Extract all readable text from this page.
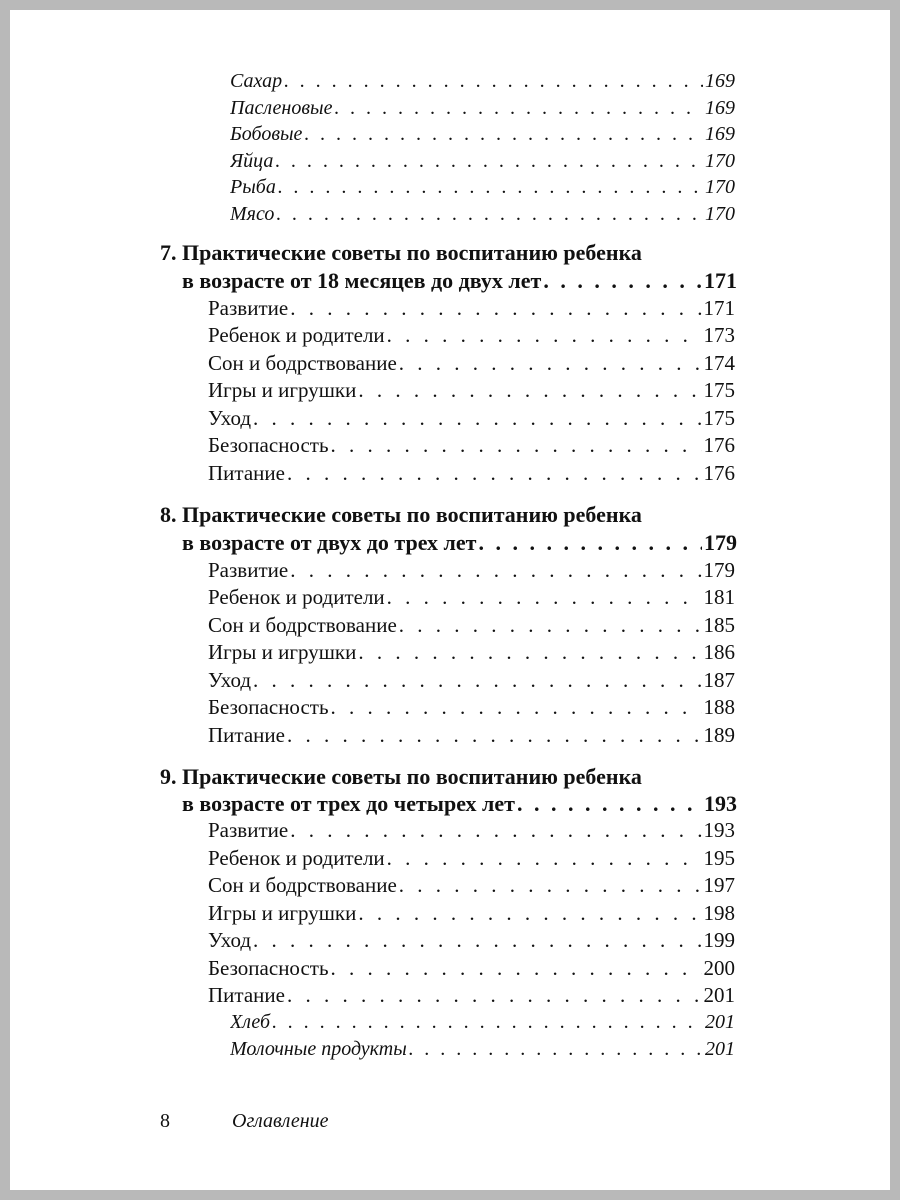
Сахар . . .	169
Пасленовые . . .	169
Бобовые . . .	169
Яйца . . .	170
Рыба . . .	170
Мясо . . .	170
7. Практические советы по воспитанию ребенка
в возрасте от 18 месяцев до двух лет . . .	171
Развитие . . .	171
Ребенок и родители . . .	173
Сон и бодрствование . . .	174
Игры и игрушки . . .	175
Уход . . .	175
Безопасность . . .	176
Питание . . .	176
8. Практические советы по воспитанию ребенка
в возрасте от двух до трех лет . . .	179
Развитие . . .	179
Ребенок и родители . . .	181
Сон и бодрствование . . .	185
Игры и игрушки . . .	186
Уход . . .	187
Безопасность . . .	188
Питание . . .	189
9. Практические советы по воспитанию ребенка
в возрасте от трех до четырех лет . . .	193
Развитие . . .	193
Ребенок и родители . . .	195
Сон и бодрствование . . .	197
Игры и игрушки . . .	198
Уход . . .	199
Безопасность . . .	200
Питание . . .	201
Хлеб . . .	201
Молочные продукты . . .	201
8	Оглавление
